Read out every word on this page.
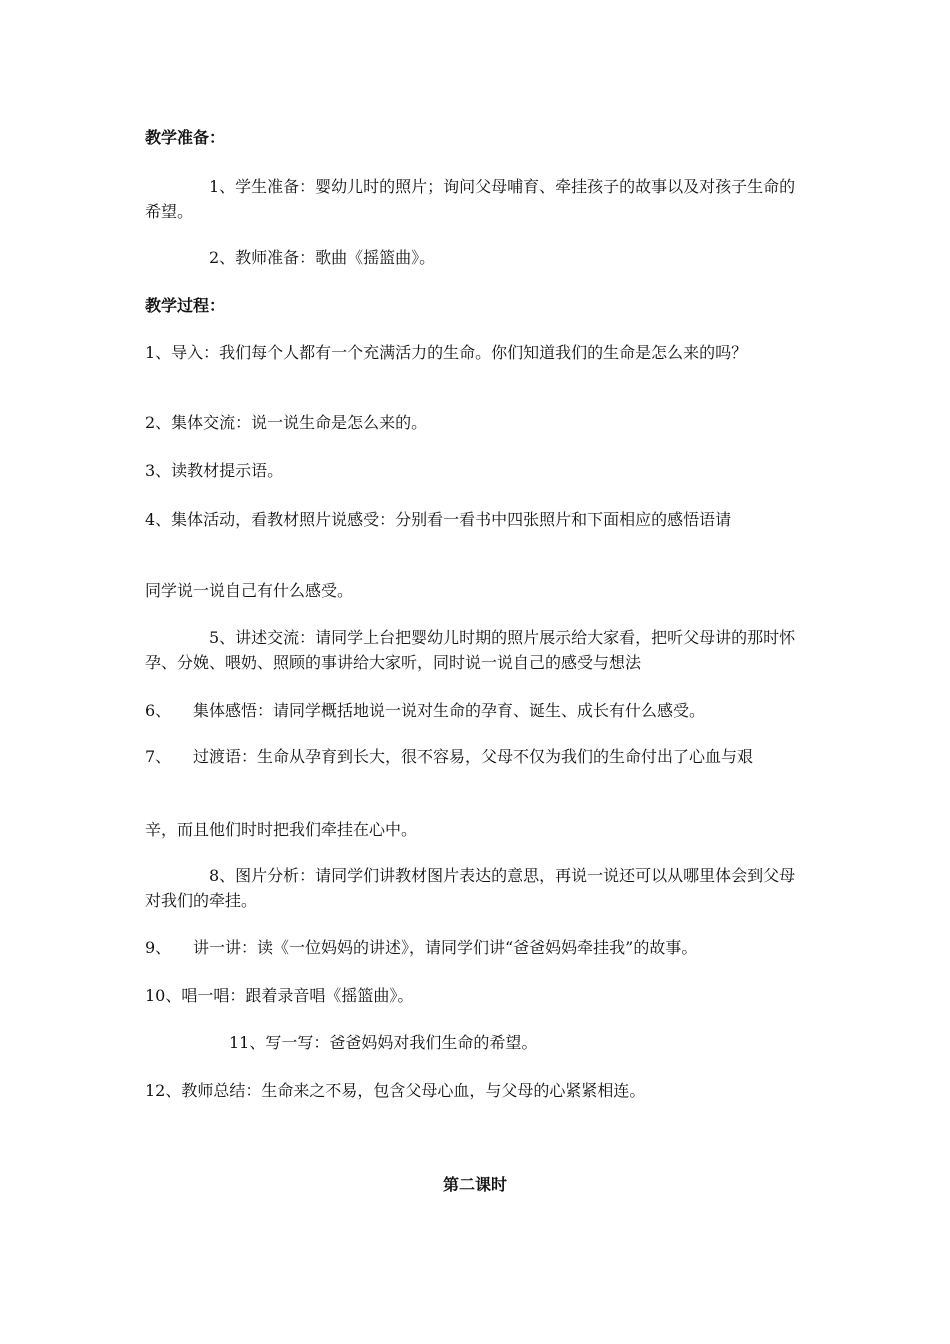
教学准备：

1、学生准备：婴幼儿时的照片；询问父母哺育、牵挂孩子的故事以及对孩子生命的希望。

2、教师准备：歌曲《摇篮曲》。

教学过程：

1、导入：我们每个人都有一个充满活力的生命。你们知道我们的生命是怎么来的吗？

2、集体交流：说一说生命是怎么来的。

3、读教材提示语。

4、集体活动，看教材照片说感受：分别看一看书中四张照片和下面相应的感悟语请

同学说一说自己有什么感受。

5、讲述交流：请同学上台把婴幼儿时期的照片展示给大家看，把听父母讲的那时怀孕、分娩、喂奶、照顾的事讲给大家听，同时说一说自己的感受与想法

6、 集体感悟：请同学概括地说一说对生命的孕育、诞生、成长有什么感受。

7、 过渡语：生命从孕育到长大，很不容易，父母不仅为我们的生命付出了心血与艰

辛，而且他们时时把我们牵挂在心中。

8、图片分析：请同学们讲教材图片表达的意思，再说一说还可以从哪里体会到父母对我们的牵挂。

9、 讲一讲：读《一位妈妈的讲述》，请同学们讲“爸爸妈妈牵挂我”的故事。

10、唱一唱：跟着录音唱《摇篮曲》。

11、写一写：爸爸妈妈对我们生命的希望。

12、教师总结：生命来之不易，包含父母心血，与父母的心紧紧相连。

第二课时
